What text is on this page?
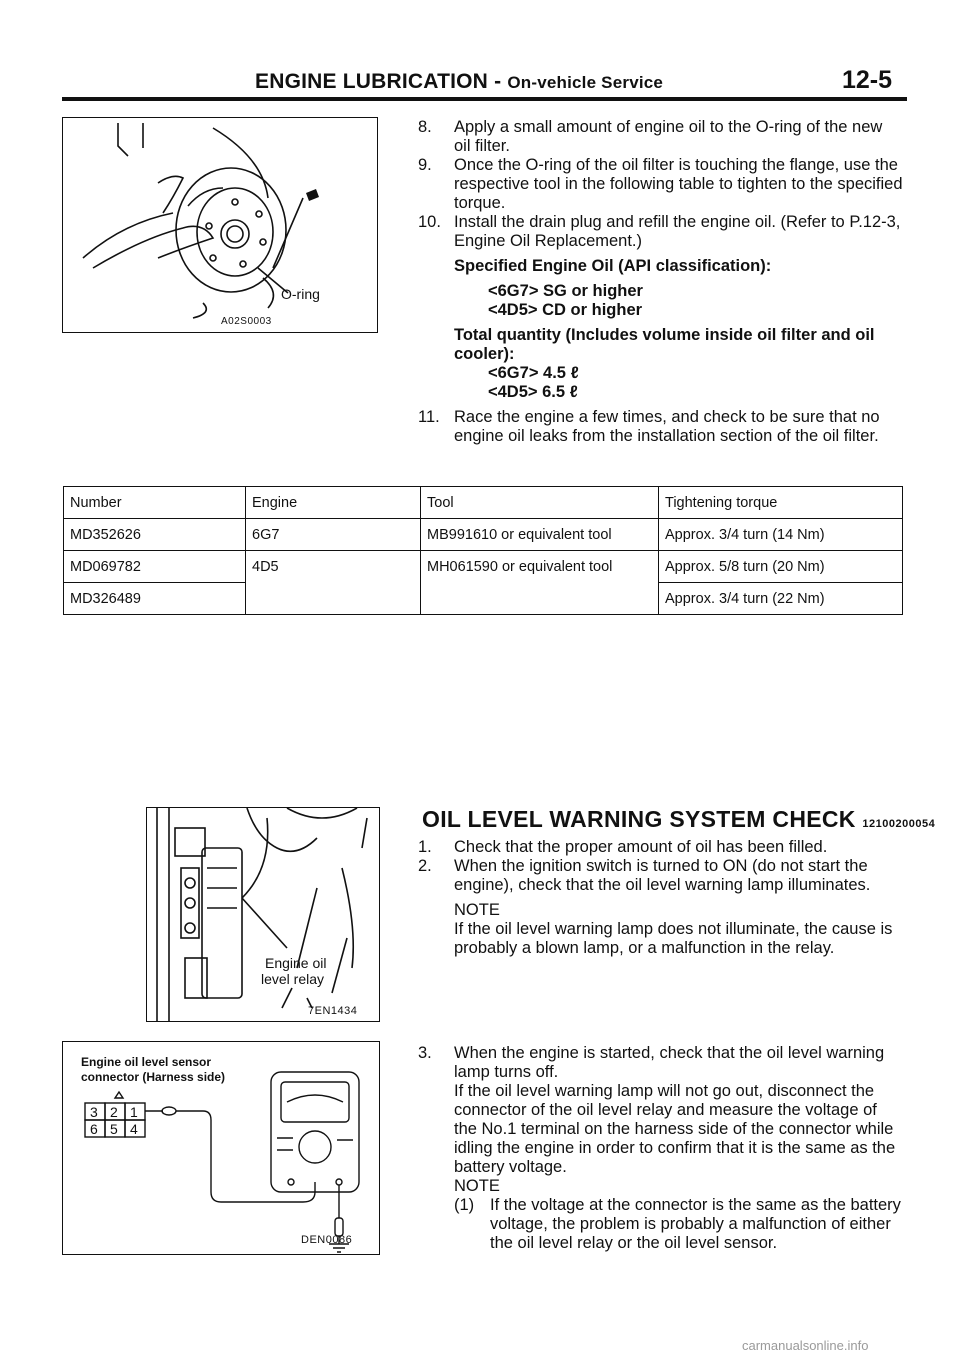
ENGINE LUBRICATION - On-vehicle Service	12-5
O-ring
A02S0003

8. Apply a small amount of engine oil to the O-ring of the new oil filter.

9. Once the O-ring of the oil filter is touching the flange, use the respective tool in the following table to tighten to the specified torque.

10. Install the drain plug and refill the engine oil. (Refer to P.12-3, Engine Oil Replacement.)

Specified Engine Oil (API classification):

<6G7> SG or higher

<4D5> CD or higher

Total quantity (Includes volume inside oil filter and oil cooler):

<6G7> 4.5 ℓ

<4D5> 6.5 ℓ

11. Race the engine a few times, and check to be sure that no engine oil leaks from the installation section of the oil filter.

Number	Engine	Tool	Tightening torque
MD352626	6G7	MB991610 or equivalent tool	Approx. 3/4 turn (14 Nm)
MD069782	4D5	MH061590 or equivalent tool	Approx. 5/8 turn (20 Nm)
MD326489			Approx. 3/4 turn (22 Nm)
Engine oil
level relay
7EN1434
Engine oil level sensor
connector (Harness side)
3 2 1
6 5 4
DEN0086
OIL LEVEL WARNING SYSTEM CHECK 12100200054

1. Check that the proper amount of oil has been filled.

2. When the ignition switch is turned to ON (do not start the engine), check that the oil level warning lamp illuminates.

NOTE

If the oil level warning lamp does not illuminate, the cause is probably a blown lamp, or a malfunction in the relay.

3. When the engine is started, check that the oil level warning lamp turns off.

If the oil level warning lamp will not go out, disconnect the connector of the oil level relay and measure the voltage of the No.1 terminal on the harness side of the connector while idling the engine in order to confirm that it is the same as the battery voltage.

NOTE

(1) If the voltage at the connector is the same as the battery voltage, the problem is probably a malfunction of either the oil level relay or the oil level sensor.

carmanualsonline.info
